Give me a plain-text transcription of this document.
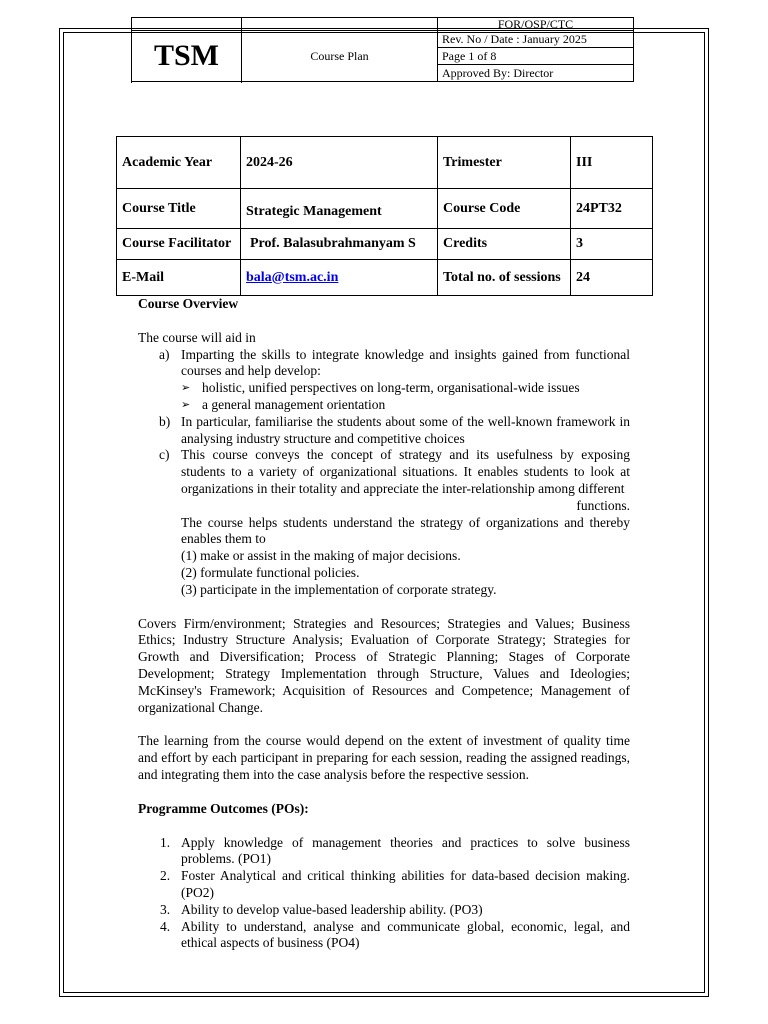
		FOR/OSP/CTC
TSM	Course Plan	Rev. No / Date : January 2025
		Page 1 of 8
		Approved By: Director

Academic Year	2024-26	Trimester	III
Course Title	Strategic Management	Course Code	24PT32
Course Facilitator	Prof. Balasubrahmanyam S	Credits	3
E-Mail	bala@tsm.ac.in	Total no. of sessions	24

Course Overview

The course will aid in

a) Imparting the skills to integrate knowledge and insights gained from functional courses and help develop:
➢ holistic, unified perspectives on long-term, organisational-wide issues
➢ a general management orientation
b) In particular, familiarise the students about some of the well-known framework in analysing industry structure and competitive choices
c) This course conveys the concept of strategy and its usefulness by exposing students to a variety of organizational situations. It enables students to look at organizations in their totality and appreciate the inter-relationship among different
functions.
The course helps students understand the strategy of organizations and thereby enables them to
(1) make or assist in the making of major decisions.
(2) formulate functional policies.
(3) participate in the implementation of corporate strategy.

Covers Firm/environment; Strategies and Resources; Strategies and Values; Business Ethics; Industry Structure Analysis; Evaluation of Corporate Strategy; Strategies for Growth and Diversification; Process of Strategic Planning; Stages of Corporate Development; Strategy Implementation through Structure, Values and Ideologies; McKinsey's Framework; Acquisition of Resources and Competence; Management of organizational Change.

The learning from the course would depend on the extent of investment of quality time and effort by each participant in preparing for each session, reading the assigned readings, and integrating them into the case analysis before the respective session.

Programme Outcomes (POs):

1. Apply knowledge of management theories and practices to solve business problems. (PO1)
2. Foster Analytical and critical thinking abilities for data-based decision making. (PO2)
3. Ability to develop value-based leadership ability. (PO3)
4. Ability to understand, analyse and communicate global, economic, legal, and ethical aspects of business (PO4)
